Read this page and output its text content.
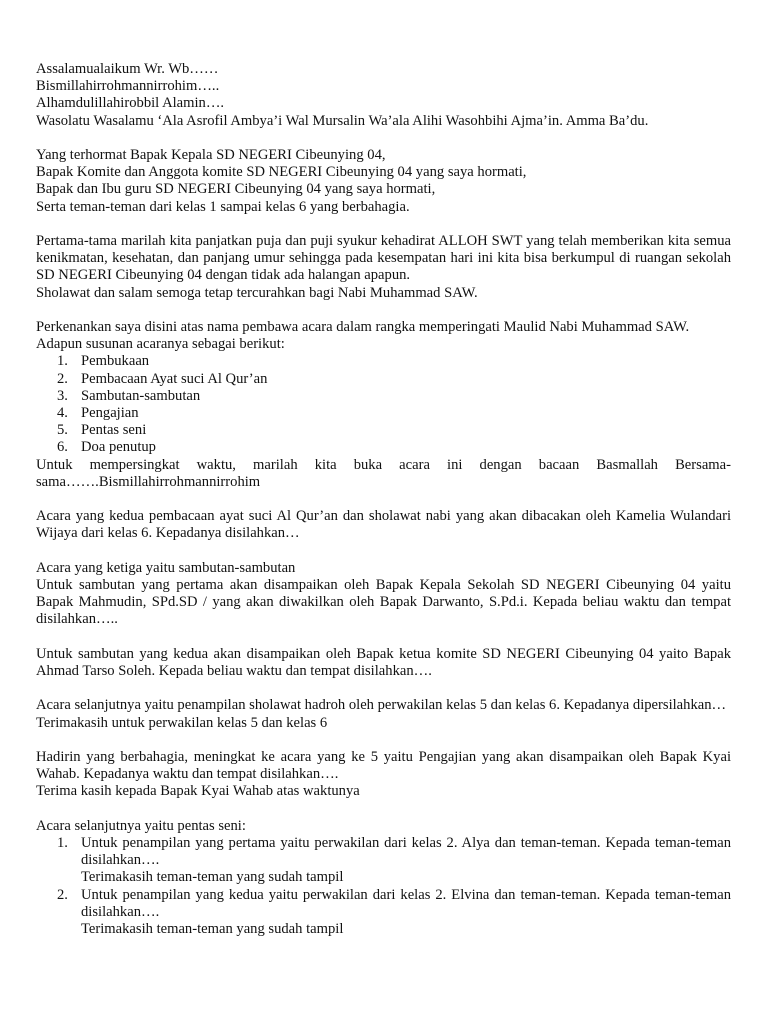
Assalamualaikum Wr. Wb……

Bismillahirrohmannirrohim…..

Alhamdulillahirobbil Alamin….

Wasolatu Wasalamu ‘Ala Asrofil Ambya’i Wal Mursalin Wa’ala Alihi Wasohbihi Ajma’in. Amma Ba’du.

Yang terhormat Bapak Kepala SD NEGERI Cibeunying 04,

Bapak Komite dan Anggota komite SD NEGERI Cibeunying 04 yang saya hormati,

Bapak dan Ibu guru SD NEGERI Cibeunying 04 yang saya hormati,

Serta teman-teman dari kelas 1 sampai kelas 6 yang berbahagia.

Pertama-tama marilah kita panjatkan puja dan puji syukur kehadirat ALLOH SWT yang telah memberikan kita semua kenikmatan, kesehatan, dan panjang umur sehingga pada kesempatan hari ini kita bisa berkumpul di ruangan sekolah SD NEGERI Cibeunying 04 dengan tidak ada halangan apapun.

Sholawat dan salam semoga tetap tercurahkan bagi Nabi Muhammad SAW.

Perkenankan saya disini atas nama pembawa acara dalam rangka memperingati Maulid Nabi Muhammad SAW.

Adapun susunan acaranya sebagai berikut:

1. Pembukaan
2. Pembacaan Ayat suci Al Qur’an
3. Sambutan-sambutan
4. Pengajian
5. Pentas seni
6. Doa penutup

Untuk mempersingkat waktu, marilah kita buka acara ini dengan bacaan Basmallah Bersama-sama…….Bismillahirrohmannirrohim

Acara yang kedua pembacaan ayat suci Al Qur’an dan sholawat nabi yang akan dibacakan oleh Kamelia Wulandari Wijaya dari kelas 6. Kepadanya disilahkan…

Acara yang ketiga yaitu sambutan-sambutan

Untuk sambutan yang pertama akan disampaikan oleh Bapak Kepala Sekolah SD NEGERI Cibeunying 04 yaitu Bapak Mahmudin, SPd.SD / yang akan diwakilkan oleh Bapak Darwanto, S.Pd.i. Kepada beliau waktu dan tempat disilahkan…..

Untuk sambutan yang kedua akan disampaikan oleh Bapak ketua komite SD NEGERI Cibeunying 04 yaito Bapak Ahmad Tarso Soleh. Kepada beliau waktu dan tempat disilahkan….

Acara selanjutnya yaitu penampilan sholawat hadroh oleh perwakilan kelas 5 dan kelas 6. Kepadanya dipersilahkan…

Terimakasih untuk perwakilan kelas 5 dan kelas 6

Hadirin yang berbahagia, meningkat ke acara yang ke 5 yaitu Pengajian yang akan disampaikan oleh Bapak Kyai Wahab. Kepadanya waktu dan tempat disilahkan….

Terima kasih kepada Bapak Kyai Wahab atas waktunya

Acara selanjutnya yaitu pentas seni:

1. Untuk penampilan yang pertama yaitu perwakilan dari kelas 2. Alya dan teman-teman. Kepada teman-teman disilahkan….
Terimakasih teman-teman yang sudah tampil
2. Untuk penampilan yang kedua yaitu perwakilan dari kelas 2. Elvina dan teman-teman. Kepada teman-teman disilahkan….
Terimakasih teman-teman yang sudah tampil
